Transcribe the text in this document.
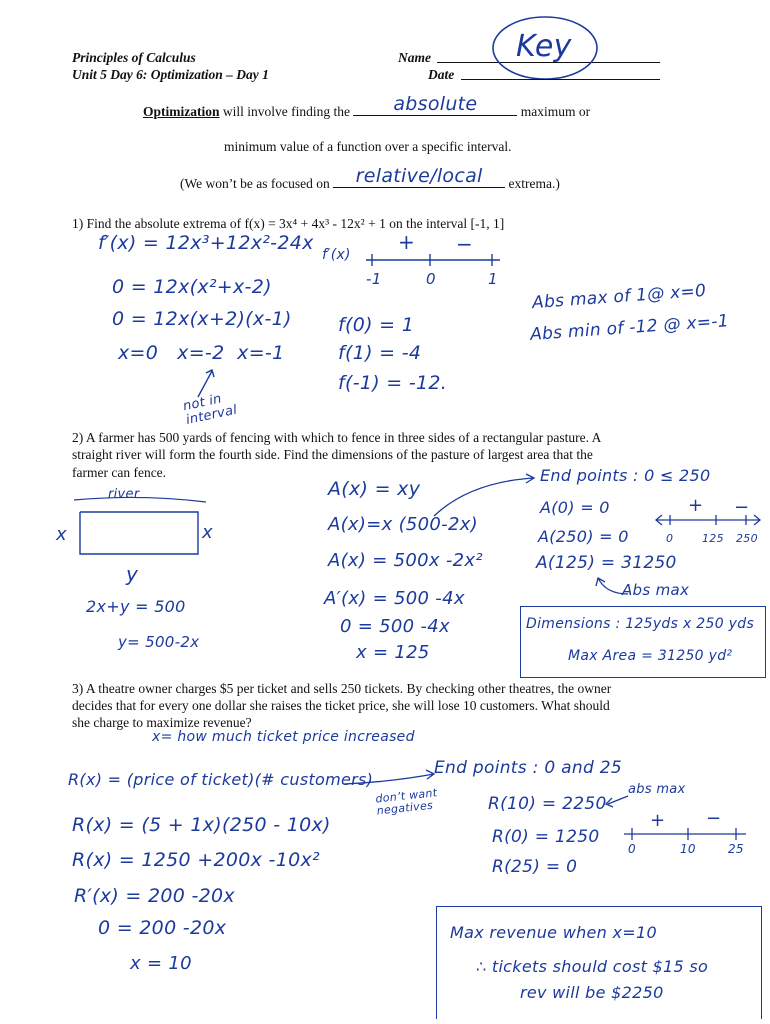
Principles of Calculus
Unit 5 Day 6: Optimization – Day 1
Name	Key
Date
Optimization will involve finding the	absolute	maximum or
minimum value of a function over a specific interval.
(We won’t be as focused on	relative/local	extrema.)
1) Find the absolute extrema of f(x) = 3x⁴ + 4x³ - 12x² + 1 on the interval [-1, 1]
f′(x) = 12x³+12x²-24x
0 = 12x(x²+x-2)
0 = 12x(x+2)(x-1)
x=0   x=-2  x=-1
not in interval
f′(x)
+ −
-1	0	1
f(0) = 1
f(1) = -4
f(-1) = -12.
Abs max of 1@ x=0
Abs min of -12 @ x=-1
2) A farmer has 500 yards of fencing with which to fence in three sides of a rectangular pasture. A
straight river will form the fourth side. Find the dimensions of the pasture of largest area that the
farmer can fence.
river
x	x
y
2x+y = 500
y= 500-2x
A(x) = xy
A(x)=x (500-2x)
A(x) = 500x -2x²
A′(x) = 500 -4x
0 = 500 -4x
x = 125
End points : 0 ≤ 250
A(0) = 0
A(250) = 0
A(125) = 31250
Abs max
+ −
0	125 250
Dimensions : 125yds x 250 yds
Max Area = 31250 yd²
3) A theatre owner charges $5 per ticket and sells 250 tickets. By checking other theatres, the owner
decides that for every one dollar she raises the ticket price, she will lose 10 customers. What should
she charge to maximize revenue?
x= how much ticket price increased
R(x) = (price of ticket)(# customers)
R(x) = (5 + 1x)(250 - 10x)
R(x) = 1250 +200x -10x²
R′(x) = 200 -20x
0 = 200 -20x
x = 10
don’t want negatives
End points : 0 and 25
R(10) = 2250
R(0) = 1250
R(25) = 0
abs max
+ −
0	10	25
Max revenue when x=10
∴ tickets should cost $15 so
rev will be $2250
